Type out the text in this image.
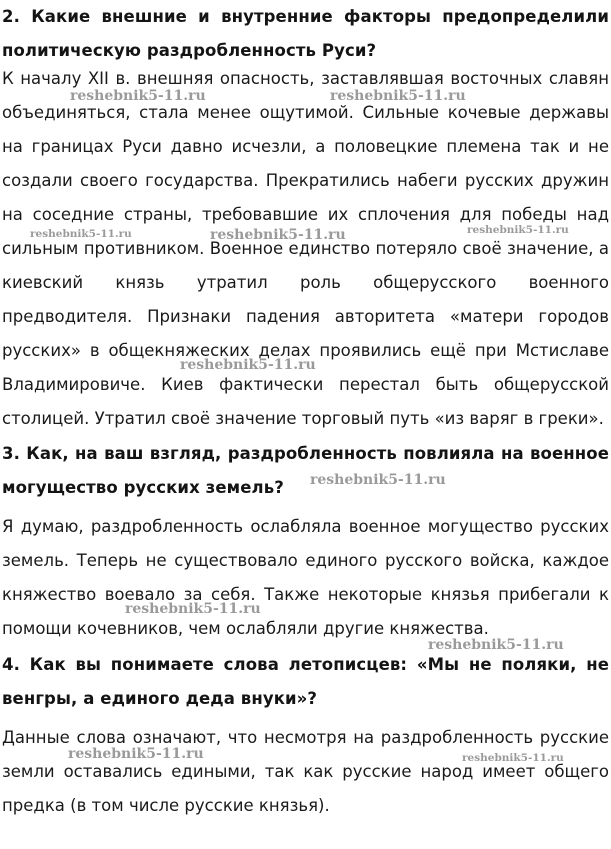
2. Какие внешние и внутренние факторы предопределили политическую раздробленность Руси?

К началу XII в. внешняя опасность, заставлявшая восточных славян объединяться, стала менее ощутимой. Сильные кочевые державы на границах Руси давно исчезли, а половецкие племена так и не создали своего государства. Прекратились набеги русских дружин на соседние страны, требовавшие их сплочения для победы над сильным противником. Военное единство потеряло своё значение, а киевский князь утратил роль общерусского военного предводителя. Признаки падения авторитета «матери городов русских» в общекняжеских делах проявились ещё при Мстиславе Владимировиче. Киев фактически перестал быть общерусской столицей. Утратил своё значение торговый путь «из варяг в греки».

3. Как, на ваш взгляд, раздробленность повлияла на военное могущество русских земель?

Я думаю, раздробленность ослабляла военное могущество русских земель. Теперь не существовало единого русского войска, каждое княжество воевало за себя. Также некоторые князья прибегали к помощи кочевников, чем ослабляли другие княжества.

4. Как вы понимаете слова летописцев: «Мы не поляки, не венгры, а единого деда внуки»?

Данные слова означают, что несмотря на раздробленность русские земли оставались едиными, так как русские народ имеет общего предка (в том числе русские князья).

reshebnik5-11.ru	reshebnik5-11.ru
reshebnik5-11.ru	reshebnik5-11.ru	reshebnik5-11.ru
reshebnik5-11.ru
reshebnik5-11.ru
reshebnik5-11.ru
reshebnik5-11.ru
reshebnik5-11.ru	reshebnik5-11.ru
